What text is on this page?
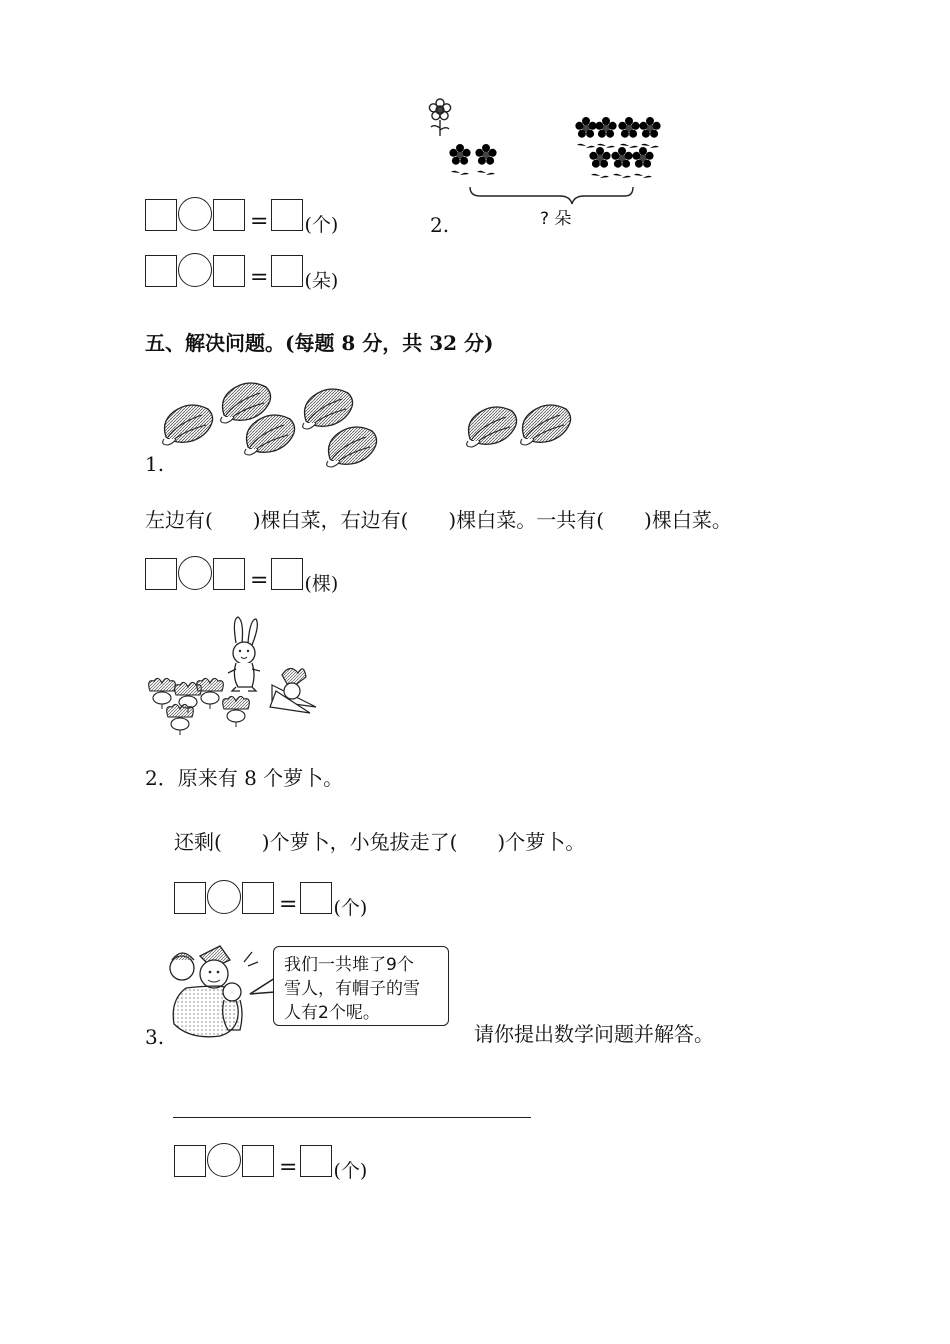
? 朵
= (个)	2.
= (朵)
五、解决问题。(每题 8 分，共 32 分)
1.
左边有(　　)棵白菜，右边有(　　)棵白菜。一共有(　　)棵白菜。
= (棵)
2．原来有 8 个萝卜。
还剩(　　)个萝卜，小兔拔走了(　　)个萝卜。
= (个)
我们一共堆了9个
雪人，有帽子的雪
人有2个呢。
3.	请你提出数学问题并解答。
= (个)
